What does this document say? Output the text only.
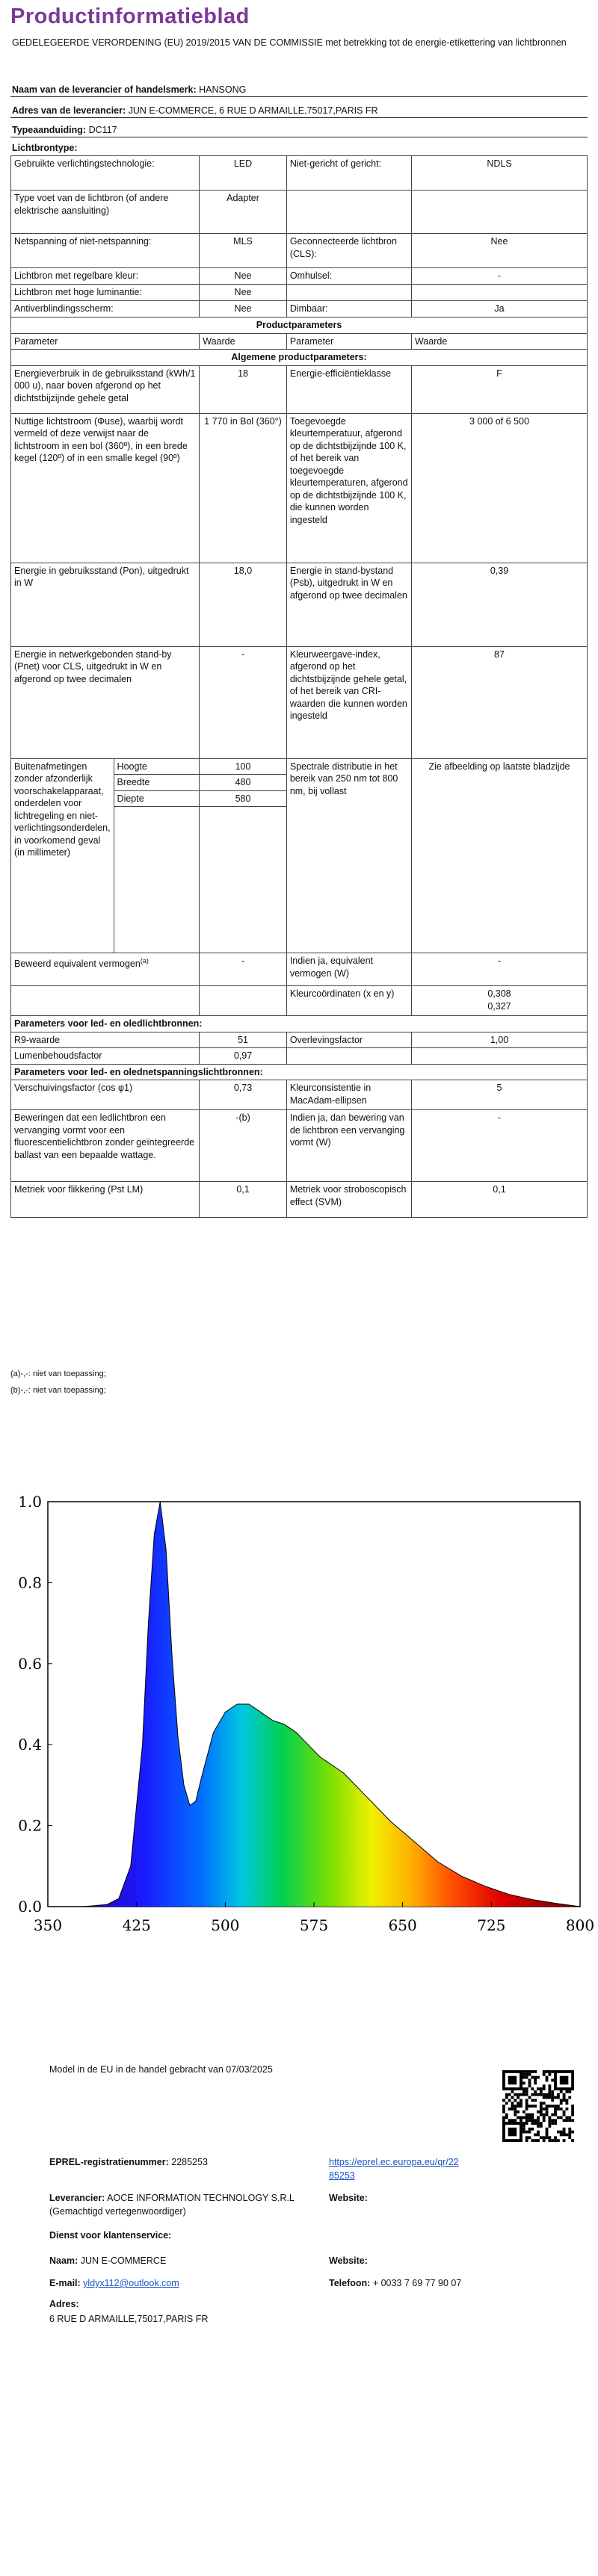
Productinformatieblad
GEDELEGEERDE VERORDENING (EU) 2019/2015 VAN DE COMMISSIE met betrekking tot de energie-etikettering van lichtbronnen
Naam van de leverancier of handelsmerk: HANSONG
Adres van de leverancier: JUN E-COMMERCE, 6 RUE D ARMAILLE,75017,PARIS FR
Typeaanduiding: DC117
Lichtbrontype:
Gebruikte verlichtingstechnologie:		LED	Niet-gericht of gericht:	NDLS
Type voet van de lichtbron (of andere elektrische aansluiting)		Adapter		
Netspanning of niet-netspanning:		MLS	Geconnecteerde lichtbron (CLS):	Nee
Lichtbron met regelbare kleur:		Nee	Omhulsel:	-
Lichtbron met hoge luminantie:		Nee		
Antiverblindingsscherm:		Nee	Dimbaar:	Ja
Productparameters				
Parameter		Waarde	Parameter	Waarde
Algemene productparameters:				
Energieverbruik in de gebruiksstand (kWh/1 000 u), naar boven afgerond op het dichtstbijzijnde gehele getal		18	Energie-efficiëntieklasse	F
Nuttige lichtstroom (Φuse), waarbij wordt vermeld of deze verwijst naar de lichtstroom in een bol (360º), in een brede kegel (120º) of in een smalle kegel (90º)		1 770 in Bol (360°)	Toegevoegde kleurtemperatuur, afgerond op de dichtstbijzijnde 100 K, of het bereik van toegevoegde kleurtemperaturen, afgerond op de dichtstbijzijnde 100 K, die kunnen worden ingesteld	3 000 of 6 500
Energie in gebruiksstand (Pon), uitgedrukt in W		18,0	Energie in stand-bystand (Psb), uitgedrukt in W en afgerond op twee decimalen	0,39
Energie in netwerkgebonden stand-by (Pnet) voor CLS, uitgedrukt in W en afgerond op twee decimalen		-	Kleurweergave-index, afgerond op het dichtstbijzijnde gehele getal, of het bereik van CRI-waarden die kunnen worden ingesteld	87
Buitenafmetingen zonder afzonderlijk voorschakelapparaat, onderdelen voor lichtregeling en niet-verlichtingsonderdelen, in voorkomend geval (in millimeter)	Hoogte	100	Spectrale distributie in het bereik van 250 nm tot 800 nm, bij vollast	Zie afbeelding op laatste bladzijde
	Breedte	480		
	Diepte	580		

Beweerd equivalent vermogen$^{(a)}$		-	Indien ja, equivalent vermogen (W)	-
			Kleurcoördinaten (x en y)	0,308
0,327

Parameters voor led- en oledlichtbronnen:				
R9-waarde		51	Overlevingsfactor	1,00
Lumenbehoudsfactor		0,97		
Parameters voor led- en olednetspanningslichtbronnen:				
Verschuivingsfactor (cos φ1)		0,73	Kleurconsistentie in MacAdam-ellipsen	5
Beweringen dat een ledlichtbron een vervanging vormt voor een fluorescentielichtbron zonder geïntegreerde ballast van een bepaalde wattage.		-(b)	Indien ja, dan bewering van de lichtbron een vervanging vormt (W)	-
Metriek voor flikkering (Pst LM)		0,1	Metriek voor stroboscopisch effect (SVM)	0,1
(a)-,-: niet van toepassing;
(b)-,-: niet van toepassing;
0.0
0.2
0.4
0.6
0.8
1.0
350	425	500	575	650	725	800
Model in de EU in de handel gebracht van 07/03/2025
EPREL-registratienummer: 2285253	https://eprel.ec.europa.eu/qr/22
85253
Leverancier: AOCE INFORMATION TECHNOLOGY S.R.L (Gemachtigd vertegenwoordiger)
Website:
Dienst voor klantenservice:
Naam: JUN E-COMMERCE	Website:
E-mail: yldyx112@outlook.com	Telefoon: + 0033 7 69 77 90 07
Adres:
6 RUE D ARMAILLE,75017,PARIS FR
